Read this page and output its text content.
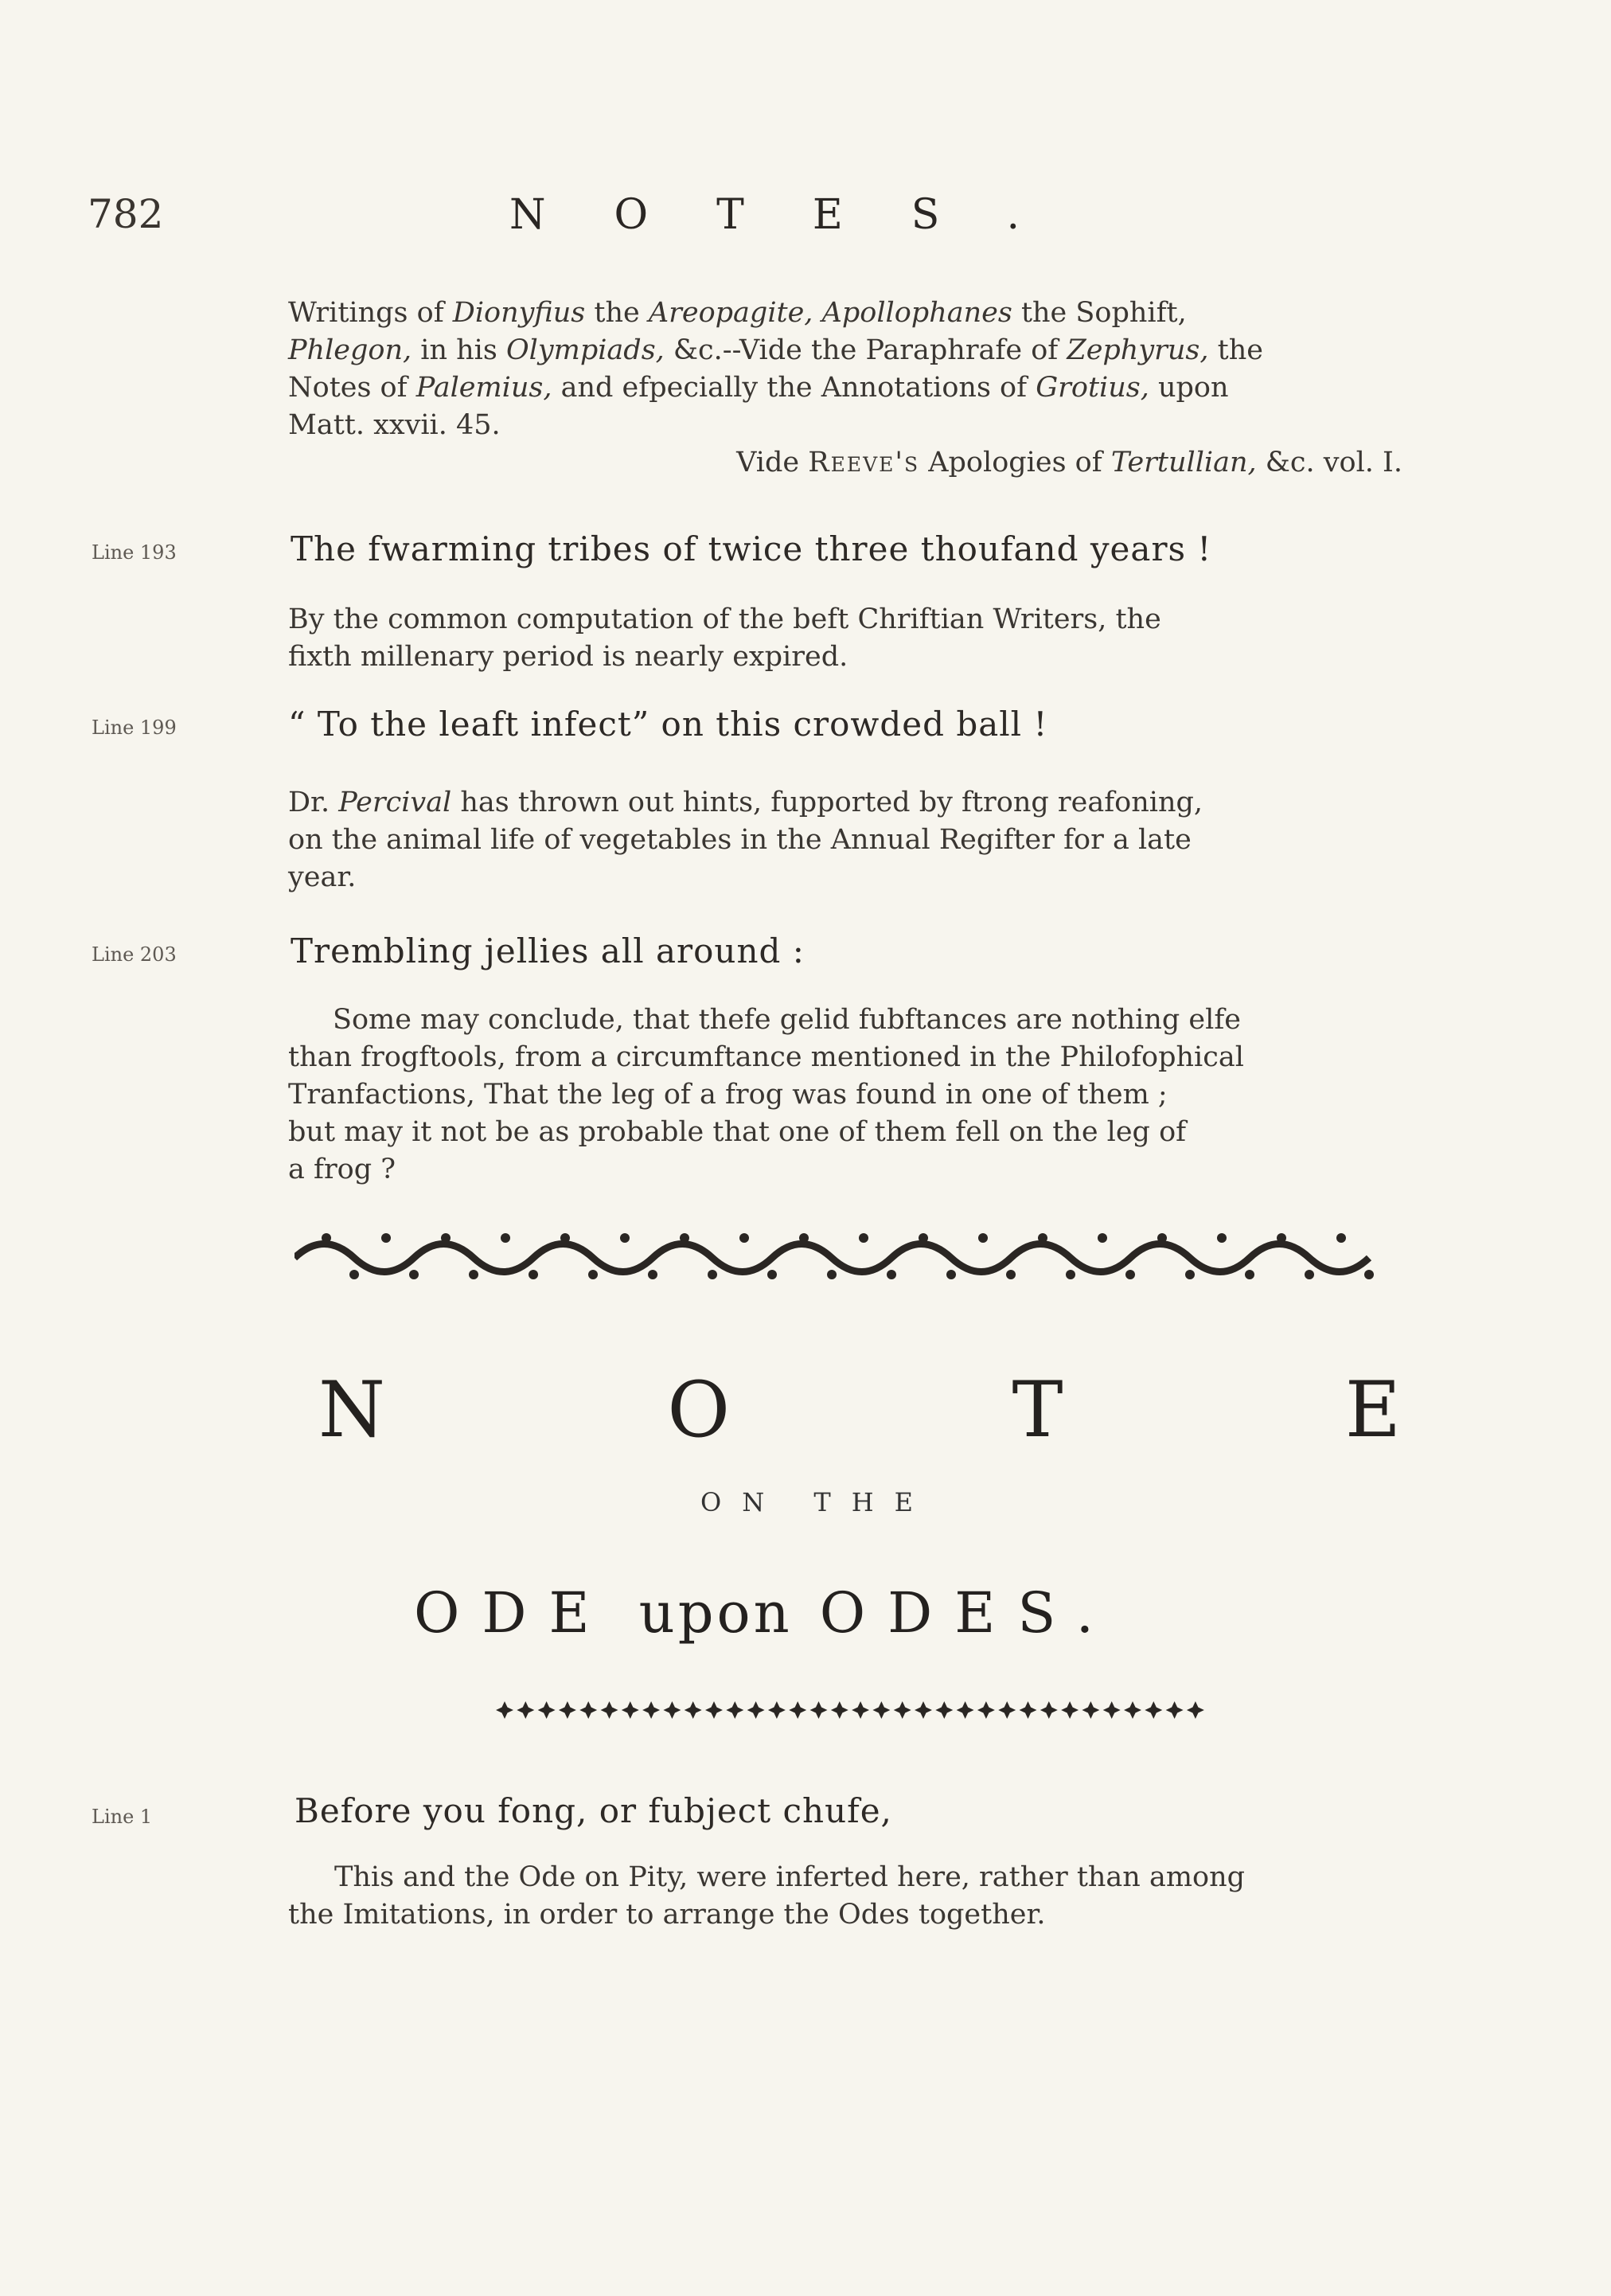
782	NOTES.
Writings of Dionyfius the Areopagite, Apollophanes the Sophift,
Phlegon, in his Olympiads, &c.--Vide the Paraphrafe of Zephyrus, the
Notes of Palemius, and efpecially the Annotations of Grotius, upon
Matt. xxvii. 45.
Vide Reeve's Apologies of Tertullian, &c. vol. I.
Line 193	The fwarming tribes of twice three thoufand years !
By the common computation of the beft Chriftian Writers, the
fixth millenary period is nearly expired.
Line 199	“ To the leaft infect” on this crowded ball !
Dr. Percival has thrown out hints, fupported by ftrong reafoning,
on the animal life of vegetables in the Annual Regifter for a late
year.
Line 203	Trembling jellies all around :
Some may conclude, that thefe gelid fubftances are nothing elfe
than frogftools, from a circumftance mentioned in the Philofophical
Tranfactions, That the leg of a frog was found in one of them ;
but may it not be as probable that one of them fell on the leg of
a frog ?
N	O	T	E
ON THE
ODE upon ODES.
Line 1	Before you fong, or fubject chufe,
This and the Ode on Pity, were inferted here, rather than among
the Imitations, in order to arrange the Odes together.
